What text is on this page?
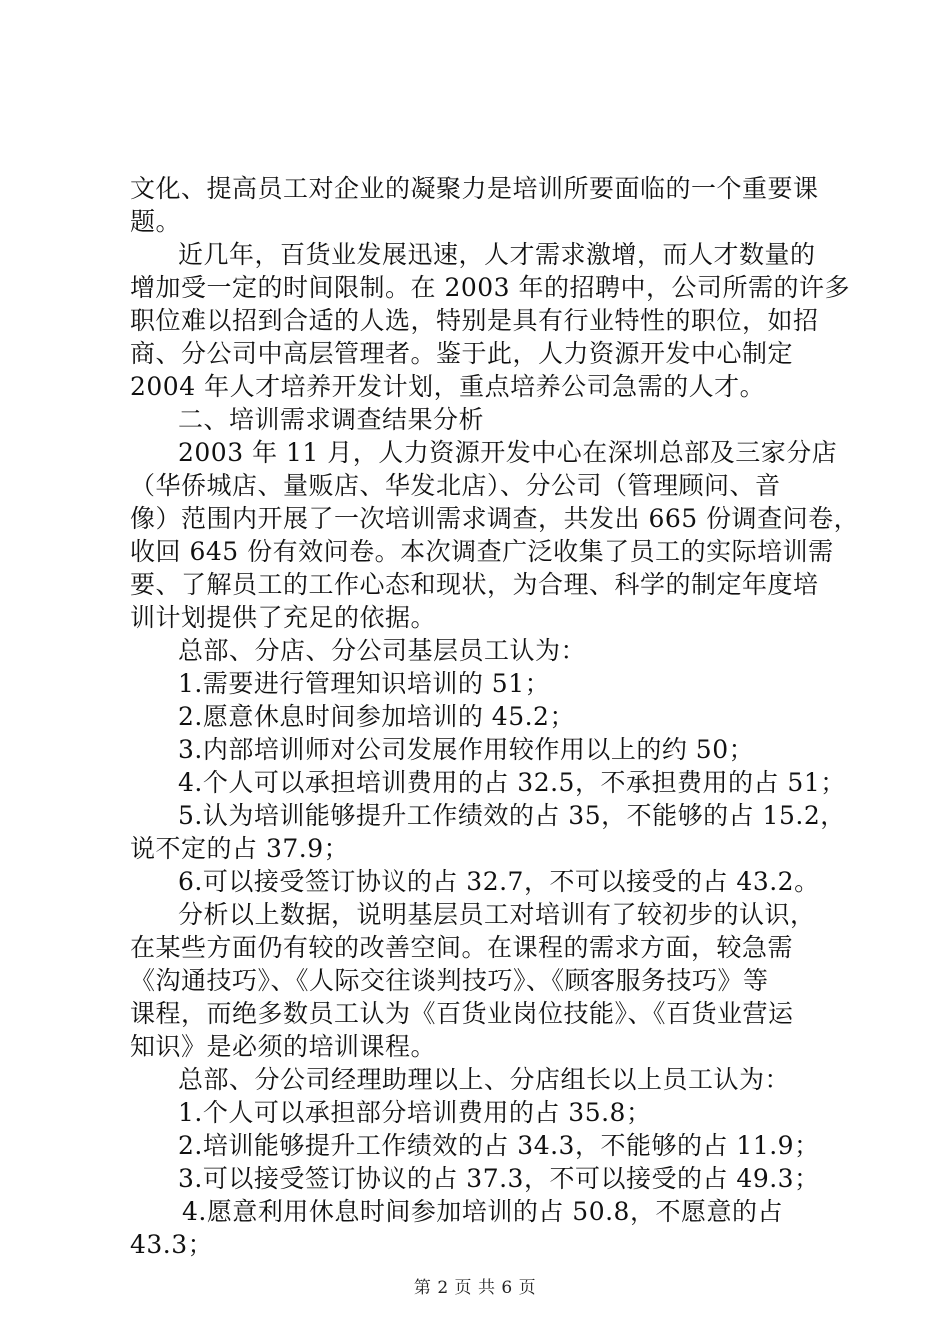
文化、提高员工对企业的凝聚力是培训所要面临的一个重要课
题。
近几年，百货业发展迅速，人才需求激增，而人才数量的
增加受一定的时间限制。在 2003 年的招聘中，公司所需的许多
职位难以招到合适的人选，特别是具有行业特性的职位，如招
商、分公司中高层管理者。鉴于此，人力资源开发中心制定
2004 年人才培养开发计划，重点培养公司急需的人才。
二、培训需求调查结果分析
2003 年 11 月，人力资源开发中心在深圳总部及三家分店
（华侨城店、量贩店、华发北店）、分公司（管理顾问、音
像）范围内开展了一次培训需求调查，共发出 665 份调查问卷，
收回 645 份有效问卷。本次调查广泛收集了员工的实际培训需
要、了解员工的工作心态和现状，为合理、科学的制定年度培
训计划提供了充足的依据。
总部、分店、分公司基层员工认为：
1.需要进行管理知识培训的 51；
2.愿意休息时间参加培训的 45.2；
3.内部培训师对公司发展作用较作用以上的约 50；
4.个人可以承担培训费用的占 32.5，不承担费用的占 51；
5.认为培训能够提升工作绩效的占 35，不能够的占 15.2，
说不定的占 37.9；
6.可以接受签订协议的占 32.7，不可以接受的占 43.2。
分析以上数据，说明基层员工对培训有了较初步的认识，
在某些方面仍有较的改善空间。在课程的需求方面，较急需
《沟通技巧》、《人际交往谈判技巧》、《顾客服务技巧》等
课程，而绝多数员工认为《百货业岗位技能》、《百货业营运
知识》是必须的培训课程。
总部、分公司经理助理以上、分店组长以上员工认为：
1.个人可以承担部分培训费用的占 35.8；
2.培训能够提升工作绩效的占 34.3，不能够的占 11.9；
3.可以接受签订协议的占 37.3，不可以接受的占 49.3；
4.愿意利用休息时间参加培训的占 50.8，不愿意的占
43.3；
第 2 页 共 6 页
